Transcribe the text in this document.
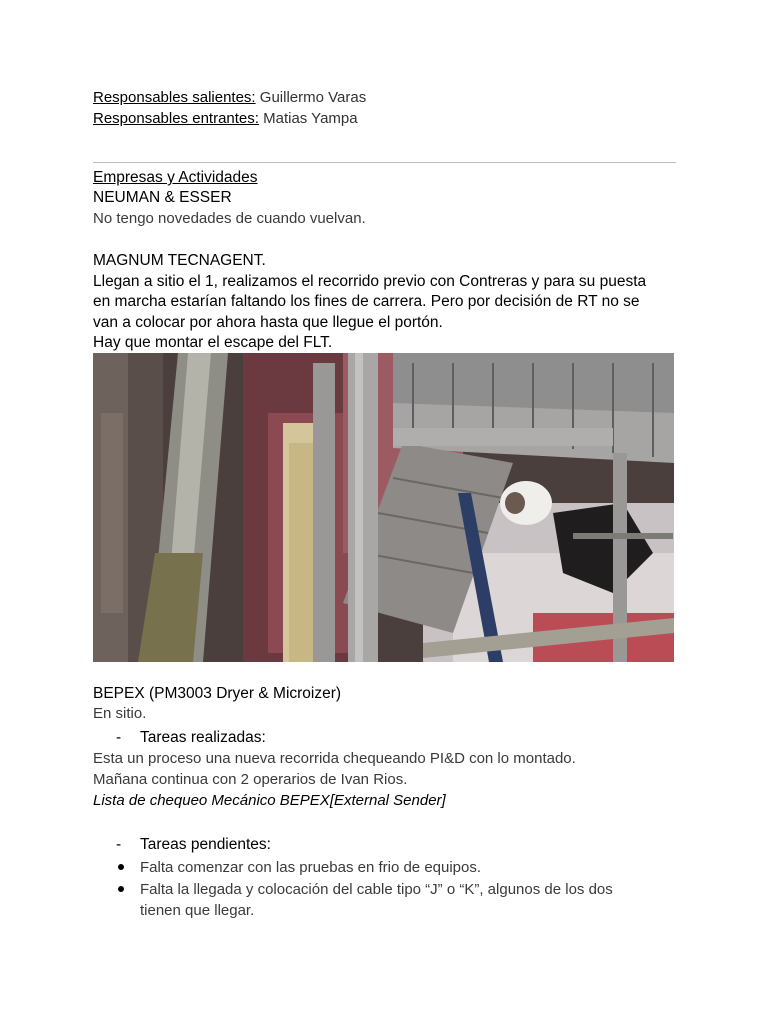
Responsables salientes: Guillermo Varas
Responsables entrantes: Matias Yampa
Empresas y Actividades
NEUMAN & ESSER
No tengo novedades de cuando vuelvan.
MAGNUM TECNAGENT.
Llegan a sitio el 1, realizamos el recorrido previo con Contreras y para su puesta
en marcha estarían faltando los fines de carrera. Pero por decisión de RT no se
van a colocar por ahora hasta que llegue el portón.
Hay que montar el escape del FLT.
BEPEX (PM3003 Dryer & Microizer)
En sitio.
- Tareas realizadas:
Esta un proceso una nueva recorrida chequeando PI&D con lo montado.
Mañana continua con 2 operarios de Ivan Rios.
Lista de chequeo Mecánico BEPEX[External Sender]
- Tareas pendientes:
Falta comenzar con las pruebas en frio de equipos.
Falta la llegada y colocación del cable tipo “J” o “K”, algunos de los dos
tienen que llegar.
